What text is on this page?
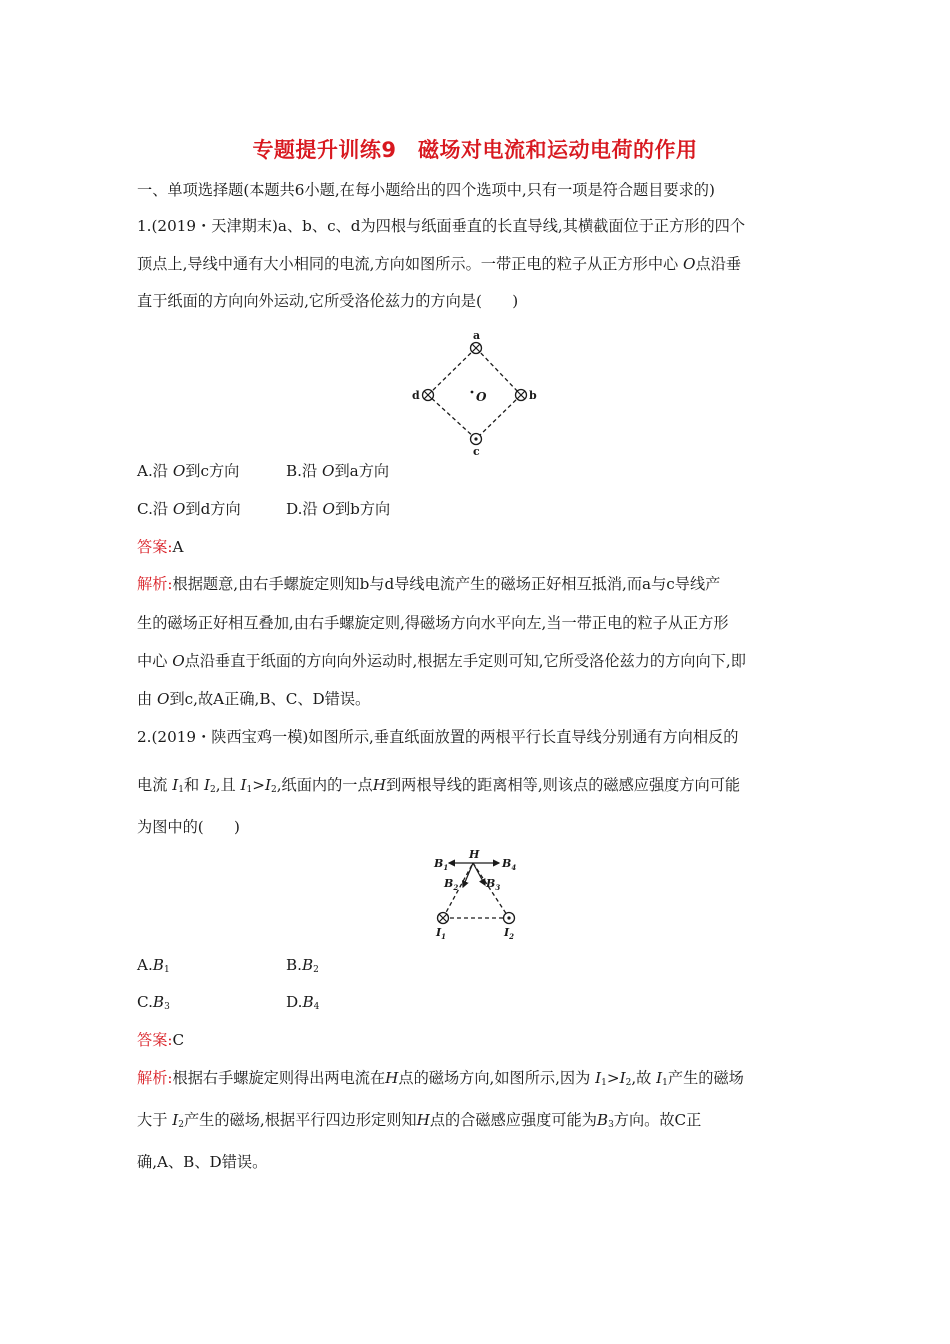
专题提升训练9　磁场对电流和运动电荷的作用
一、单项选择题(本题共6小题,在每小题给出的四个选项中,只有一项是符合题目要求的)
1.(2019・天津期末)a、b、c、d为四根与纸面垂直的长直导线,其横截面位于正方形的四个
顶点上,导线中通有大小相同的电流,方向如图所示。一带正电的粒子从正方形中心 O点沿垂
直于纸面的方向向外运动,它所受洛伦兹力的方向是(　　)
a
b
c
d	O
A.沿 O到c方向	B.沿 O到a方向
C.沿 O到d方向	D.沿 O到b方向
答案:A
解析:根据题意,由右手螺旋定则知b与d导线电流产生的磁场正好相互抵消,而a与c导线产
生的磁场正好相互叠加,由右手螺旋定则,得磁场方向水平向左,当一带正电的粒子从正方形
中心 O点沿垂直于纸面的方向向外运动时,根据左手定则可知,它所受洛伦兹力的方向向下,即
由 O到c,故A正确,B、C、D错误。
2.(2019・陕西宝鸡一模)如图所示,垂直纸面放置的两根平行长直导线分别通有方向相反的
电流 $I_1$和 $I_2$,且 $I_1>I_2$,纸面内的一点H到两根导线的距离相等,则该点的磁感应强度方向可能
为图中的(　　)
H
$B_1$	$B_4$
$B_2$	$B_3$
$I_1$	$I_2$
$A.B_1$	$B.B_2$
$C.B_3$	$D.B_4$
答案:C
解析:根据右手螺旋定则得出两电流在H点的磁场方向,如图所示,因为 $I_1>I_2$,故 $I_1$产生的磁场
大于 $I_2$产生的磁场,根据平行四边形定则知H点的合磁感应强度可能为$B_3$方向。故C正
确,A、B、D错误。
